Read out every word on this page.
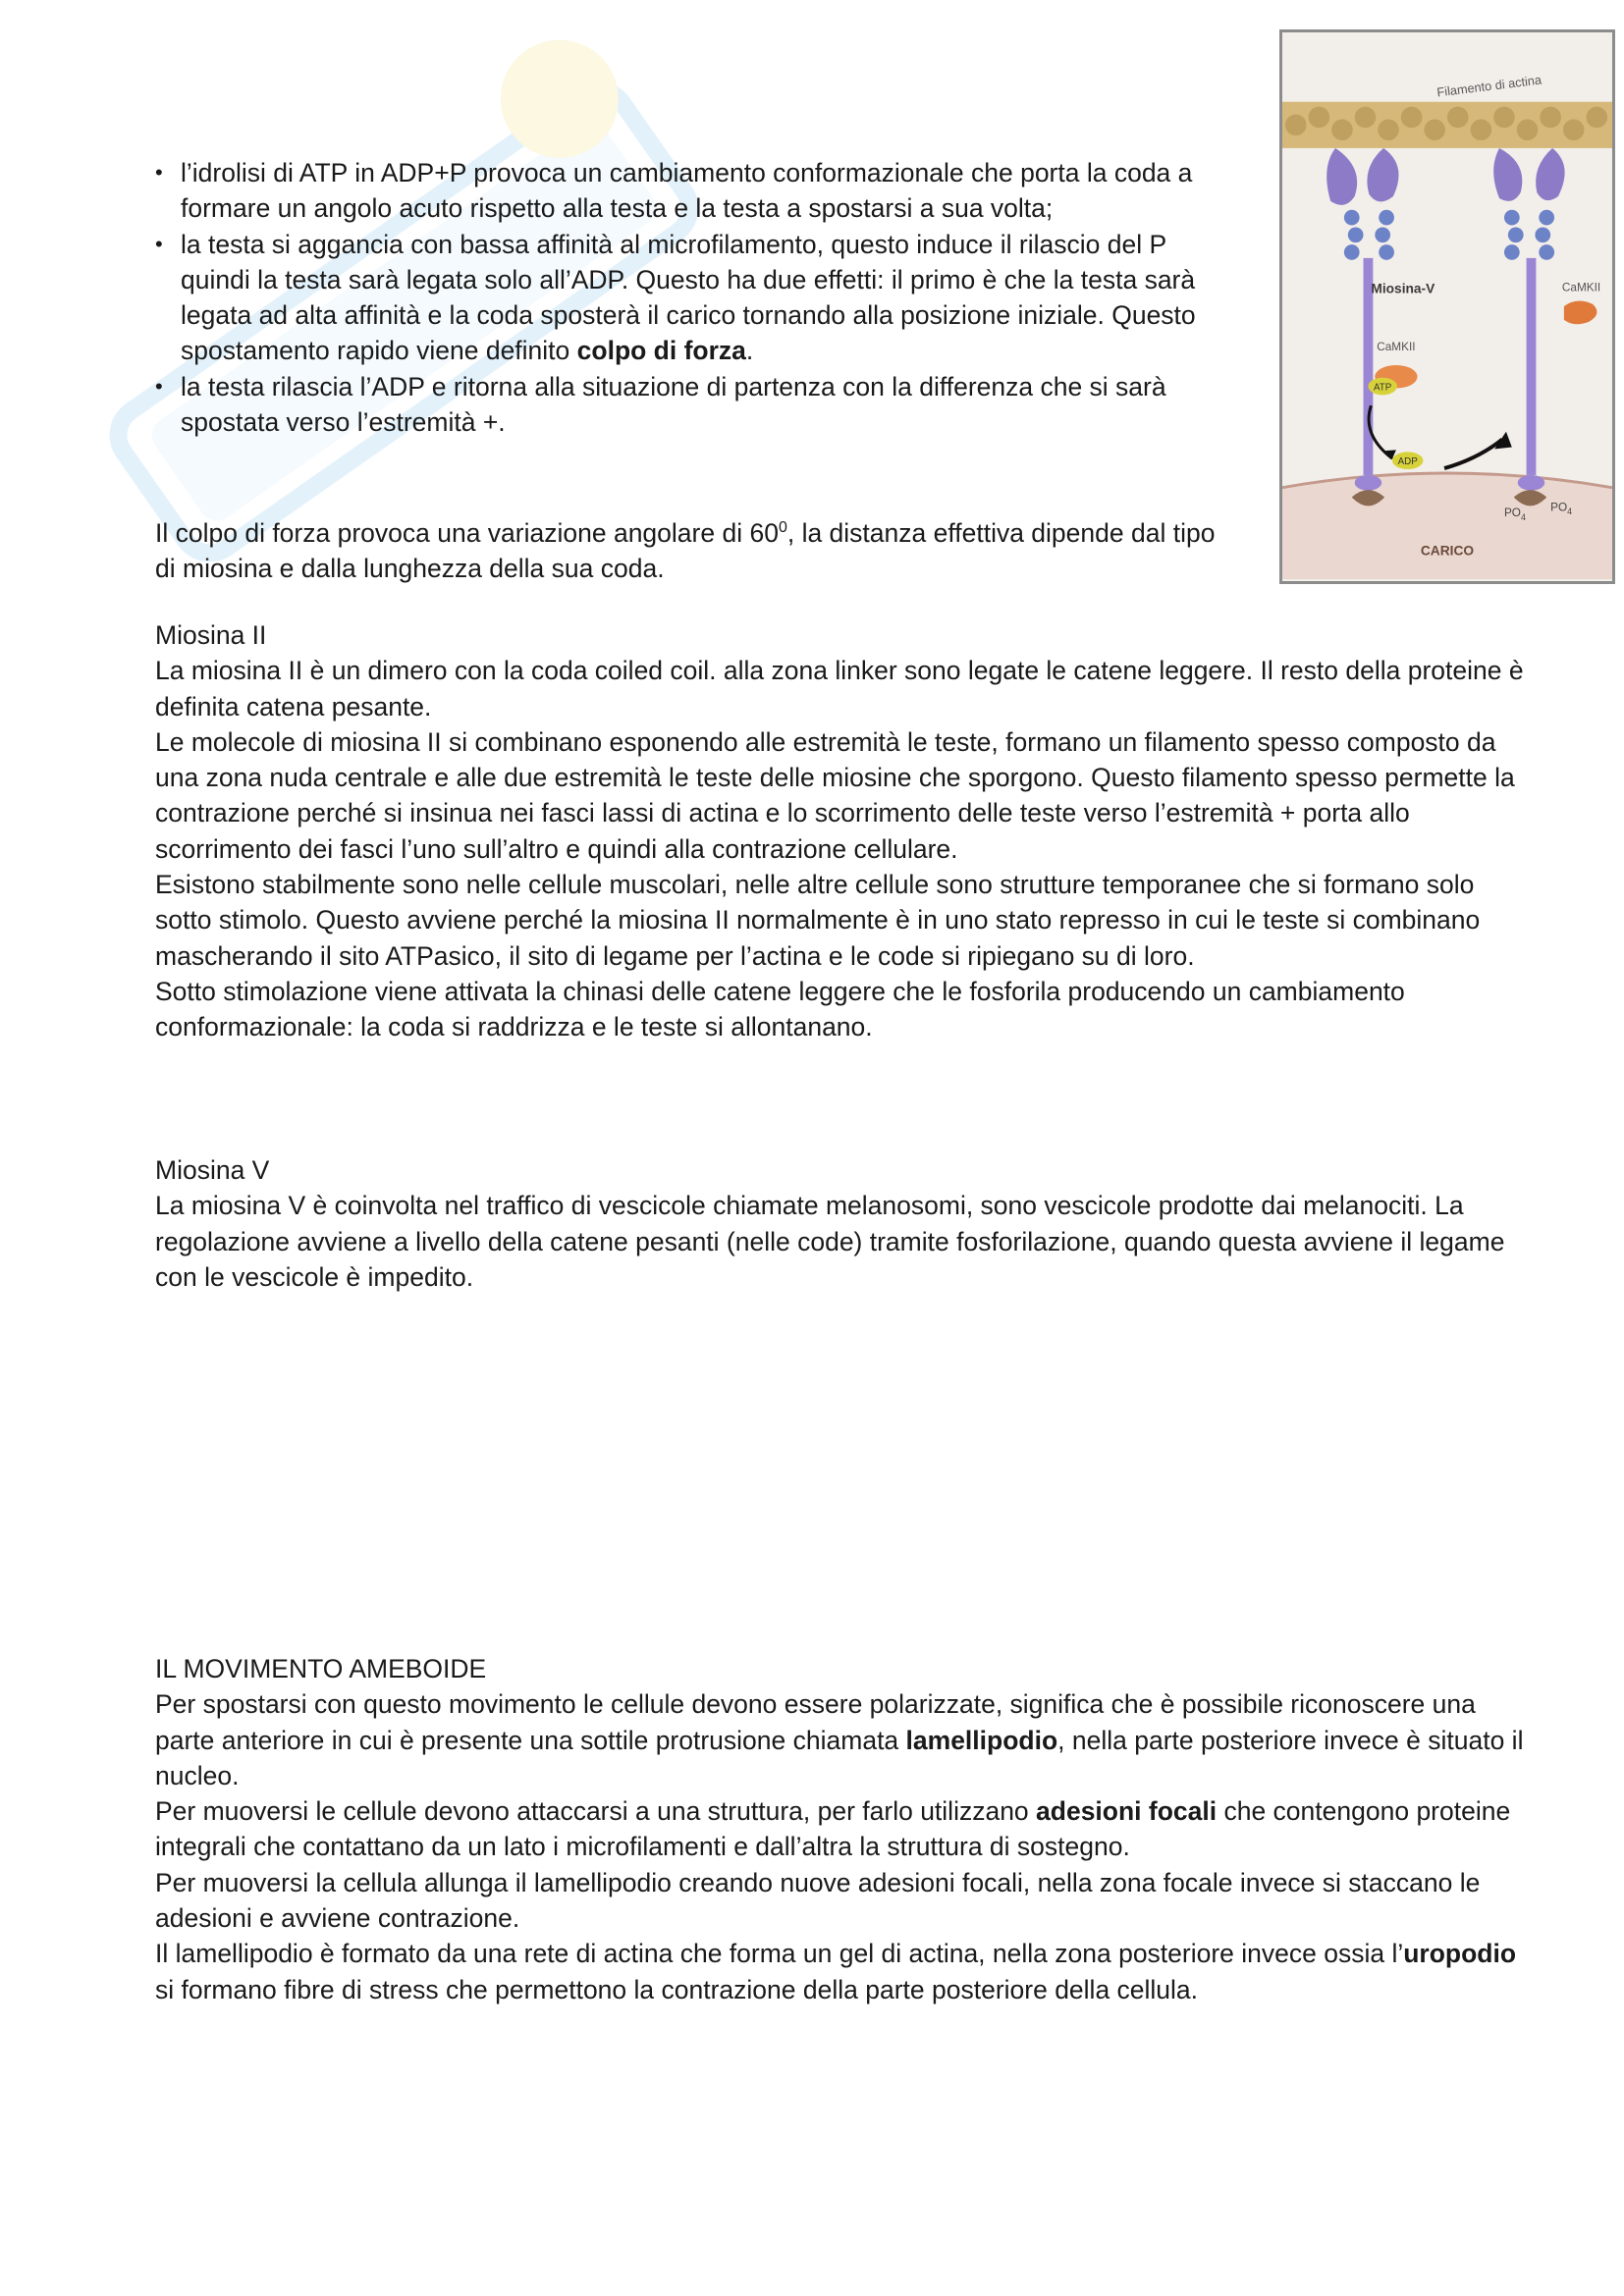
Filamento di actina
Miosina-V
CaMKII
ATP
ADP
CaMKII
$PO_4$
$PO_4$
CARICO
• l’idrolisi di ATP in ADP+P provoca un cambiamento conformazionale che porta la coda a formare un angolo acuto rispetto alla testa e la testa a spostarsi a sua volta;
• la testa si aggancia con bassa affinità al microfilamento, questo induce il rilascio del P quindi la testa sarà legata solo all’ADP. Questo ha due effetti: il primo è che la testa sarà legata ad alta affinità e la coda sposterà il carico tornando alla posizione iniziale. Questo spostamento rapido viene definito colpo di forza.
• la testa rilascia l’ADP e ritorna alla situazione di partenza con la differenza che si sarà spostata verso l’estremità +.

Il colpo di forza provoca una variazione angolare di $60^0$, la distanza effettiva dipende dal tipo di miosina e dalla lunghezza della sua coda.

Miosina II

La miosina II è un dimero con la coda coiled coil. alla zona linker sono legate le catene leggere. Il resto della proteine è definita catena pesante.

Le molecole di miosina II si combinano esponendo alle estremità le teste, formano un filamento spesso composto da una zona nuda centrale e alle due estremità le teste delle miosine che sporgono. Questo filamento spesso permette la contrazione perché si insinua nei fasci lassi di actina e lo scorrimento delle teste verso l’estremità + porta allo scorrimento dei fasci l’uno sull’altro e quindi alla contrazione cellulare.

Esistono stabilmente sono nelle cellule muscolari, nelle altre cellule sono strutture temporanee che si formano solo sotto stimolo. Questo avviene perché la miosina II normalmente è in uno stato represso in cui le teste si combinano mascherando il sito ATPasico, il sito di legame per l’actina e le code si ripiegano su di loro.

Sotto stimolazione viene attivata la chinasi delle catene leggere che le fosforila producendo un cambiamento conformazionale: la coda si raddrizza e le teste si allontanano.

Miosina V

La miosina V è coinvolta nel traffico di vescicole chiamate melanosomi, sono vescicole prodotte dai melanociti. La regolazione avviene a livello della catene pesanti (nelle code) tramite fosforilazione, quando questa avviene il legame con le vescicole è impedito.

IL MOVIMENTO AMEBOIDE

Per spostarsi con questo movimento le cellule devono essere polarizzate, significa che è possibile riconoscere una parte anteriore in cui è presente una sottile protrusione chiamata lamellipodio, nella parte posteriore invece è situato il nucleo.

Per muoversi le cellule devono attaccarsi a una struttura, per farlo utilizzano adesioni focali che contengono proteine integrali che contattano da un lato i microfilamenti e dall’altra la struttura di sostegno.

Per muoversi la cellula allunga il lamellipodio creando nuove adesioni focali, nella zona focale invece si staccano le adesioni e avviene contrazione.

Il lamellipodio è formato da una rete di actina che forma un gel di actina, nella zona posteriore invece ossia l’uropodio si formano fibre di stress che permettono la contrazione della parte posteriore della cellula.
